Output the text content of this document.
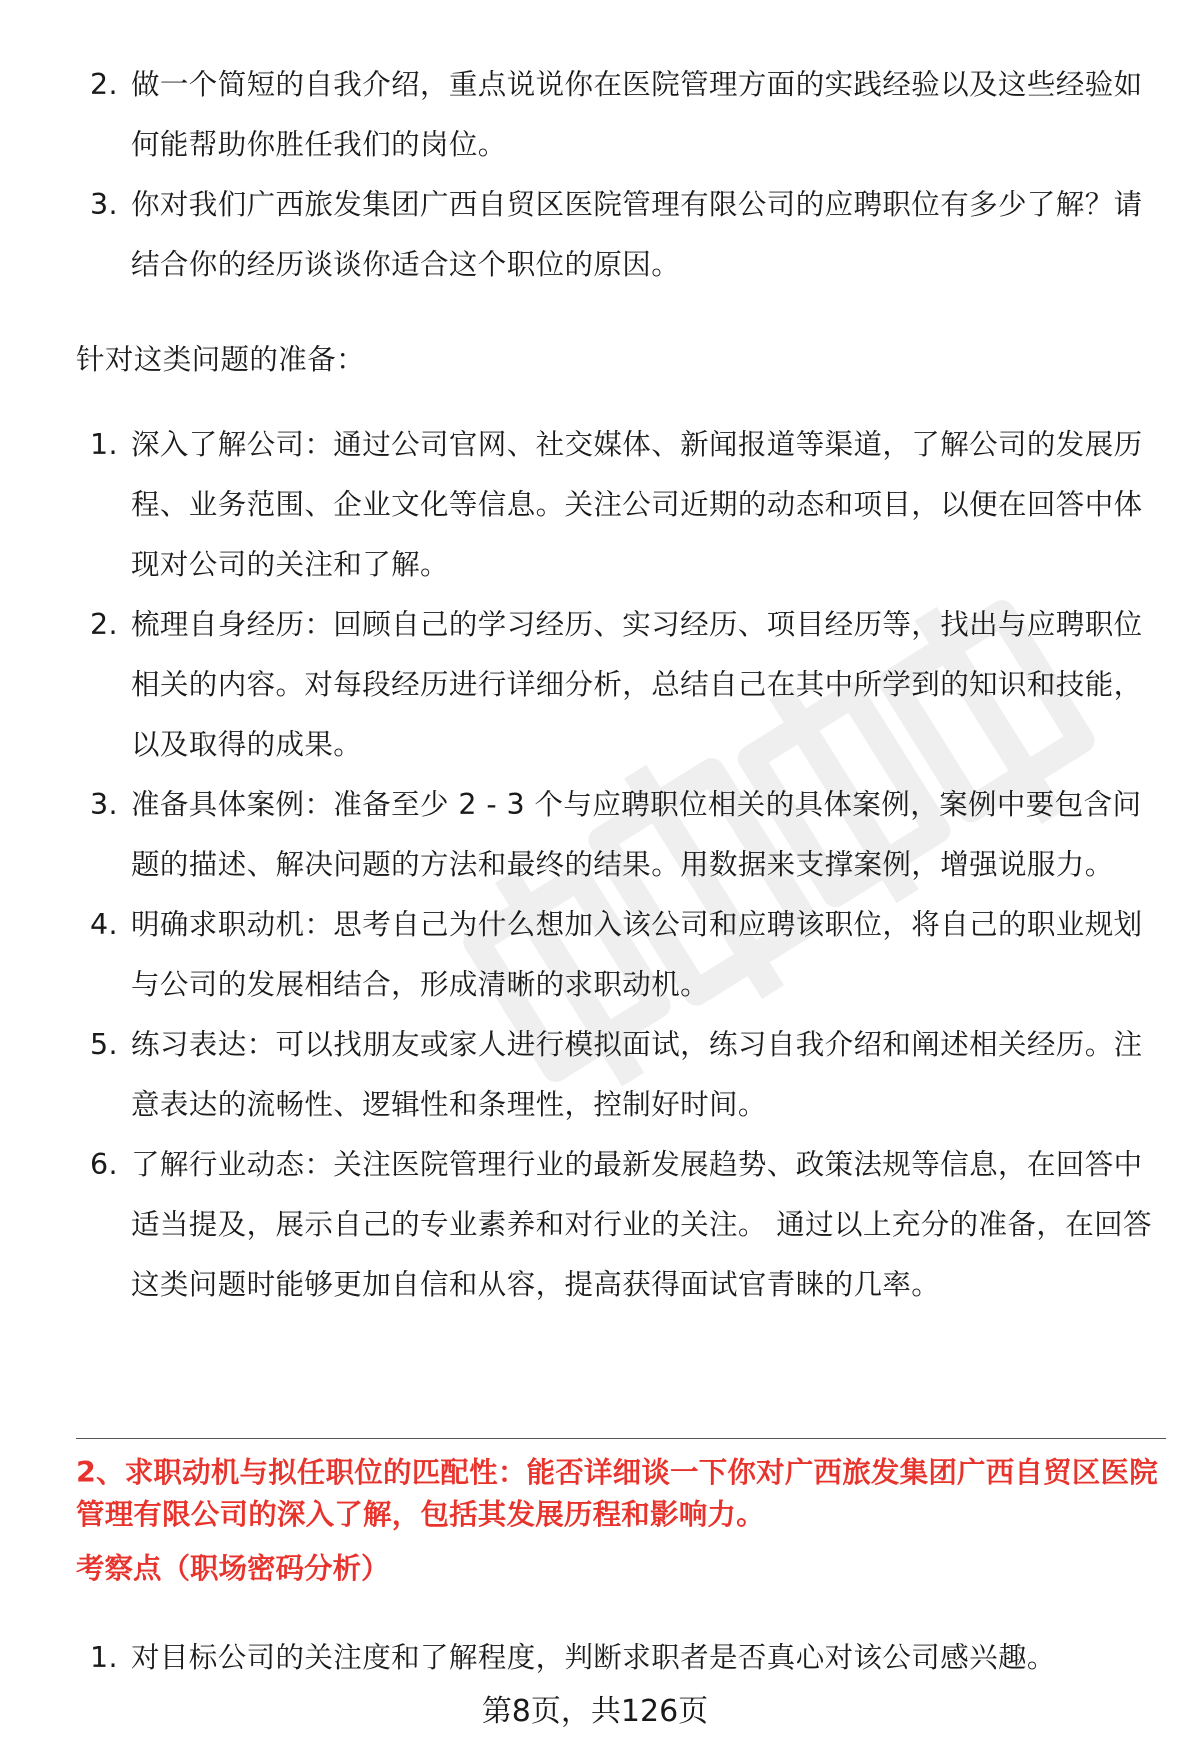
2. 做一个简短的自我介绍，重点说说你在医院管理方面的实践经验以及这些经验如何能帮助你胜任我们的岗位。
3. 你对我们广西旅发集团广西自贸区医院管理有限公司的应聘职位有多少了解？请结合你的经历谈谈你适合这个职位的原因。
针对这类问题的准备：
1. 深入了解公司：通过公司官网、社交媒体、新闻报道等渠道，了解公司的发展历程、业务范围、企业文化等信息。关注公司近期的动态和项目，以便在回答中体现对公司的关注和了解。
2. 梳理自身经历：回顾自己的学习经历、实习经历、项目经历等，找出与应聘职位相关的内容。对每段经历进行详细分析，总结自己在其中所学到的知识和技能，以及取得的成果。
3. 准备具体案例：准备至少 2 - 3 个与应聘职位相关的具体案例，案例中要包含问题的描述、解决问题的方法和最终的结果。用数据来支撑案例，增强说服力。
4. 明确求职动机：思考自己为什么想加入该公司和应聘该职位，将自己的职业规划与公司的发展相结合，形成清晰的求职动机。
5. 练习表达：可以找朋友或家人进行模拟面试，练习自我介绍和阐述相关经历。注意表达的流畅性、逻辑性和条理性，控制好时间。
6. 了解行业动态：关注医院管理行业的最新发展趋势、政策法规等信息，在回答中适当提及，展示自己的专业素养和对行业的关注。 通过以上充分的准备，在回答这类问题时能够更加自信和从容，提高获得面试官青睐的几率。
2、求职动机与拟任职位的匹配性：能否详细谈一下你对广西旅发集团广西自贸区医院管理有限公司的深入了解，包括其发展历程和影响力。
考察点（职场密码分析）
1. 对目标公司的关注度和了解程度，判断求职者是否真心对该公司感兴趣。
第8页，共126页
